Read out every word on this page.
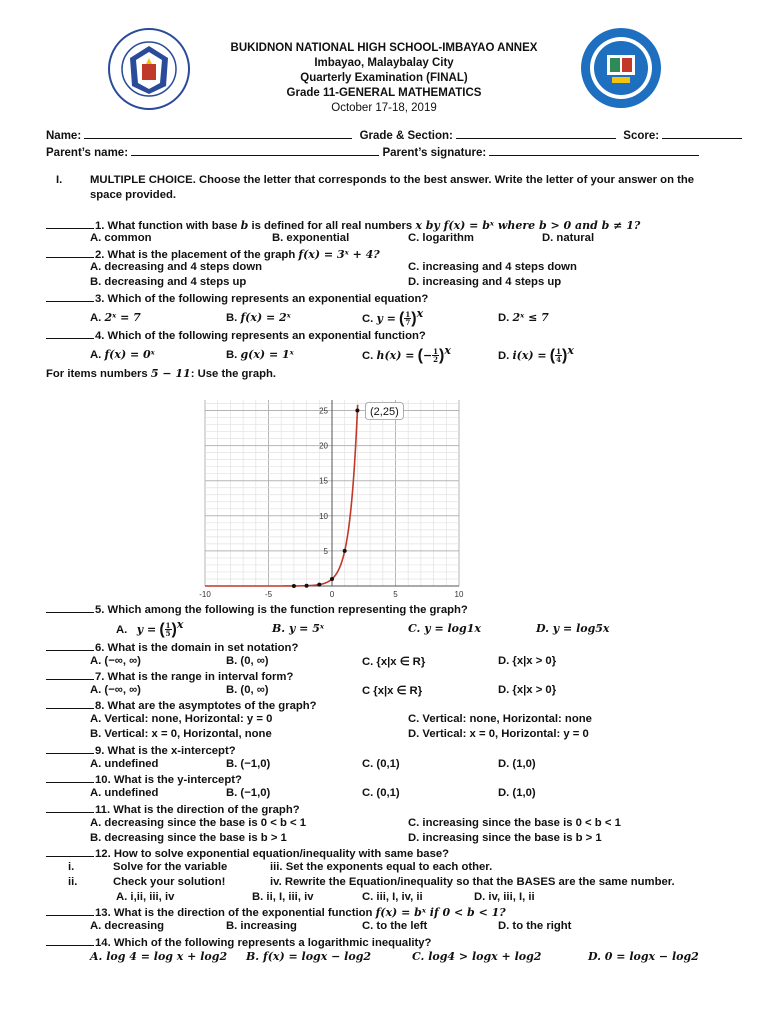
BUKIDNON NATIONAL HIGH SCHOOL-IMBAYAO ANNEX
Imbayao, Malaybalay City
Quarterly Examination (FINAL)
Grade 11-GENERAL MATHEMATICS
October 17-18, 2019
Name:	Grade & Section:	Score:
Parent’s name:	Parent’s signature:
I. MULTIPLE CHOICE. Choose the letter that corresponds to the best answer. Write the letter of your answer on the
space provided.
1. What function with base b is defined for all real numbers x by f(x) = bˣ where b > 0 and b ≠ 1?
A. common	B. exponential	C. logarithm	D. natural
2. What is the placement of the graph f(x) = 3ˣ + 4?
A. decreasing and 4 steps down	C. increasing and 4 steps down
B. decreasing and 4 steps up	D. increasing and 4 steps up
3. Which of the following represents an exponential equation?
A. 2ˣ = 7	B. f(x) = 2ˣ	C. y = ( $\frac{1}{7} )^x$	D. 2ˣ ≤ 7
4. Which of the following represents an exponential function?
A. f(x) = 0ˣ	B. g(x) = 1ˣ	C. h(x) = (− $\frac{1}{2} )^x$	D. i(x) = ( $\frac{1}{4} )^x$
For items numbers 5 − 11: Use the graph.
-10	-5	0	5	10
5
10
15
20
25	(2,25)
5. Which among the following is the function representing the graph?
A. y = ( $\frac{1}{5} )^x$	B. y = 5ˣ	C. y = log1x	D. y = log5x
6. What is the domain in set notation?
A. (−∞, ∞)	B. (0, ∞)	C. {x|x ∈ R}	D. {x|x > 0}
7. What is the range in interval form?
A. (−∞, ∞)	B. (0, ∞)	C {x|x ∈ R}	D. {x|x > 0}
8. What are the asymptotes of the graph?
A. Vertical: none, Horizontal: y = 0	C. Vertical: none, Horizontal: none
B. Vertical: x = 0, Horizontal, none	D. Vertical: x = 0, Horizontal: y = 0
9. What is the x-intercept?
A. undefined	B. (−1,0)	C. (0,1)	D. (1,0)
10. What is the y-intercept?
A. undefined	B. (−1,0)	C. (0,1)	D. (1,0)
11. What is the direction of the graph?
A. decreasing since the base is 0 < b < 1	C. increasing since the base is 0 < b < 1
B. decreasing since the base is b > 1	D. increasing since the base is b > 1
12. How to solve exponential equation/inequality with same base?
i.	Solve for the variable	iii. Set the exponents equal to each other.
ii.	Check your solution!	iv. Rewrite the Equation/inequality so that the BASES are the same number.
A. i,ii, iii, iv	B. ii, I, iii, iv	C. iii, I, iv, ii	D. iv, iii, I, ii
13. What is the direction of the exponential function f(x) = bˣ if 0 < b < 1?
A. decreasing	B. increasing	C. to the left	D. to the right
14. Which of the following represents a logarithmic inequality?
A. log 4 = log x + log2 B. f(x) = logx − log2	C. log4 > logx + log2	D. 0 = logx − log2
